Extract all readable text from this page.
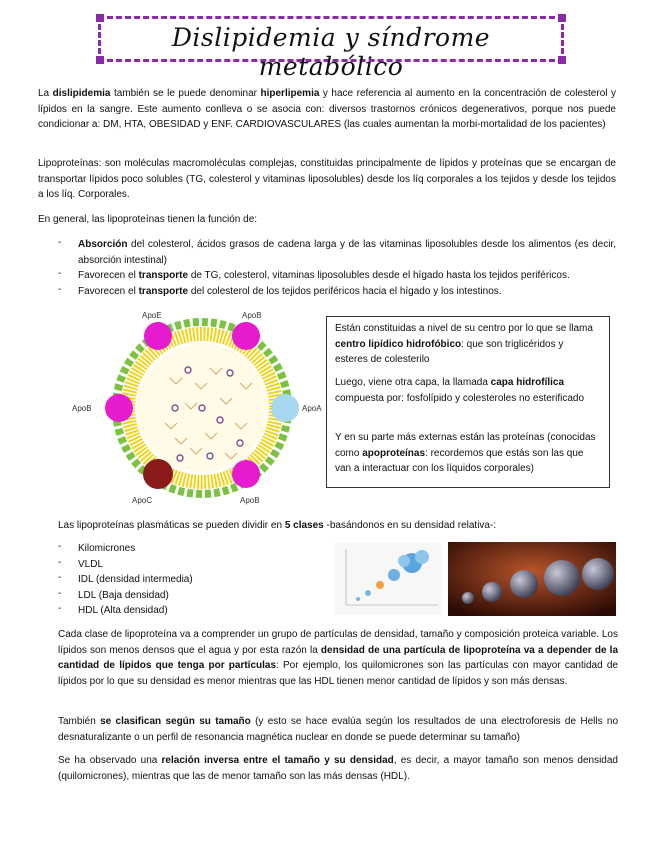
Dislipidemia y síndrome metabólico

La dislipidemia también se le puede denominar hiperlipemia y hace referencia al aumento en la concentración de colesterol y lípidos en la sangre. Este aumento conlleva o se asocia con: diversos trastornos crónicos degenerativos, porque nos puede condicionar a: DM, HTA, OBESIDAD y ENF. CARDIOVASCULARES (las cuales aumentan la morbi-mortalidad de los pacientes)

Lipoproteínas: son moléculas macromoléculas complejas, constituidas principalmente de lípidos y proteínas que se encargan de transportar lípidos poco solubles (TG, colesterol y vitaminas liposolubles) desde los líq corporales a los tejidos y desde los tejidos a los líq. Corporales.

En general, las lipoproteínas tienen la función de:

- Absorción del colesterol, ácidos grasos de cadena larga y de las vitaminas liposolubles desde los alimentos (es decir, absorción intestinal)

- Favorecen el transporte de TG, colesterol, vitaminas liposolubles desde el hígado hasta los tejidos periféricos.

- Favorecen el transporte del colesterol de los tejidos periféricos hacia el hígado y los intestinos.

ApoE	ApoB
ApoB	ApoA
ApoC	ApoB

Están constituidas a nivel de su centro por lo que se llama centro lipídico hidrofóbico: que son triglicéridos y esteres de colesterilo

Luego, viene otra capa, la llamada capa hidrofílica compuesta por: fosfolípido y colesteroles no esterificado

Y en su parte más externas están las proteínas (conocidas como apoproteínas: recordemos que estás son las que van a interactuar con los líquidos corporales)

Las lipoproteínas plasmáticas se pueden dividir en 5 clases -basándonos en su densidad relativa-:

- Kilomicrones
- VLDL
- IDL (densidad intermedia)
- LDL (Baja densidad)
- HDL (Alta densidad)

Cada clase de lipoproteína va a comprender un grupo de partículas de densidad, tamaño y composición proteica variable. Los lípidos son menos densos que el agua y por esta razón la densidad de una partícula de lipoproteína va a depender de la cantidad de lípidos que tenga por partículas: Por ejemplo, los quilomicrones son las partículas con mayor cantidad de lípidos por lo que su densidad es menor mientras que las HDL tienen menor cantidad de lípidos y son más densas.

También se clasifican según su tamaño (y esto se hace evalúa según los resultados de una electroforesis de Hells no desnaturalizante o un perfil de resonancia magnética nuclear en donde se puede determinar su tamaño)

Se ha observado una relación inversa entre el tamaño y su densidad, es decir, a mayor tamaño son menos densidad (quilomicrones), mientras que las de menor tamaño son las más densas (HDL).
